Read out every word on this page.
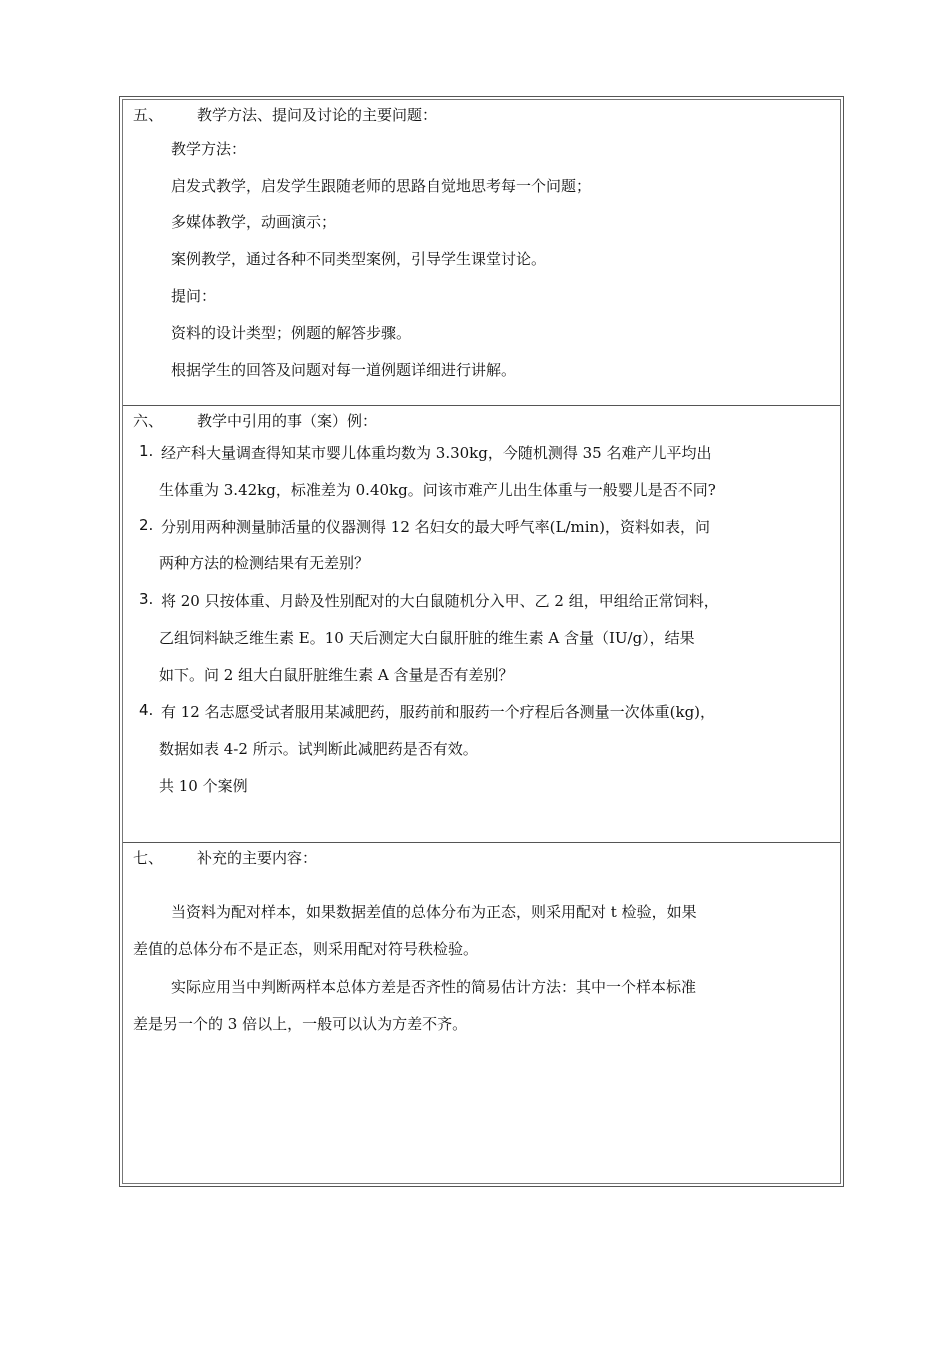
五、 教学方法、提问及讨论的主要问题：
教学方法：
启发式教学，启发学生跟随老师的思路自觉地思考每一个问题；
多媒体教学，动画演示；
案例教学，通过各种不同类型案例，引导学生课堂讨论。
提问：
资料的设计类型；例题的解答步骤。
根据学生的回答及问题对每一道例题详细进行讲解。
六、 教学中引用的事（案）例：
1. 经产科大量调查得知某市婴儿体重均数为 3.30kg，今随机测得 35 名难产儿平均出
生体重为 3.42kg，标准差为 0.40kg。问该市难产儿出生体重与一般婴儿是否不同?
2. 分别用两种测量肺活量的仪器测得 12 名妇女的最大呼气率(L/min)，资料如表，问
两种方法的检测结果有无差别？
3. 将 20 只按体重、月龄及性别配对的大白鼠随机分入甲、乙 2 组，甲组给正常饲料，
乙组饲料缺乏维生素 E。10 天后测定大白鼠肝脏的维生素 A 含量（IU/g），结果
如下。问 2 组大白鼠肝脏维生素 A 含量是否有差别？
4. 有 12 名志愿受试者服用某减肥药，服药前和服药一个疗程后各测量一次体重(kg)，
数据如表 4-2 所示。试判断此减肥药是否有效。
共 10 个案例
七、 补充的主要内容：
当资料为配对样本，如果数据差值的总体分布为正态，则采用配对 t 检验，如果
差值的总体分布不是正态，则采用配对符号秩检验。
实际应用当中判断两样本总体方差是否齐性的简易估计方法：其中一个样本标准
差是另一个的 3 倍以上，一般可以认为方差不齐。
